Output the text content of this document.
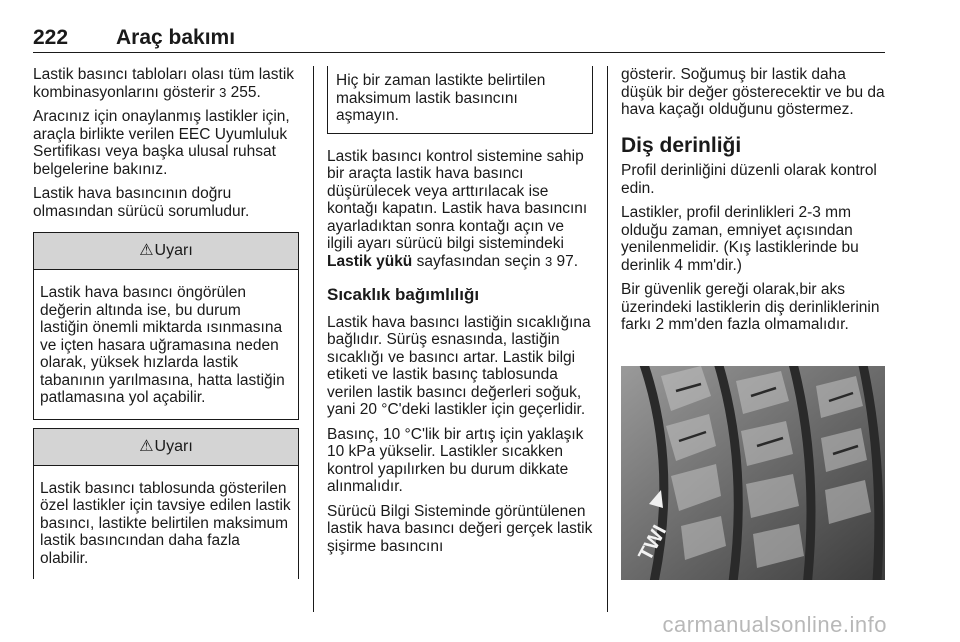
222 Araç bakımı

Lastik basıncı tabloları olası tüm lastik kombinasyonlarını gösterir 3 255.

Aracınız için onaylanmış lastikler için, araçla birlikte verilen EEC Uyumluluk Sertifikası veya başka ulusal ruhsat belgelerine bakınız.

Lastik hava basıncının doğru olmasından sürücü sorumludur.

⚠Uyarı
Lastik hava basıncı öngörülen değerin altında ise, bu durum lastiğin önemli miktarda ısınmasına ve içten hasara uğramasına neden olarak, yüksek hızlarda lastik tabanının yarılmasına, hatta lastiğin patlamasına yol açabilir.
⚠Uyarı
Lastik basıncı tablosunda gösterilen özel lastikler için tavsiye edilen lastik basıncı, lastikte belirtilen maksimum lastik basıncından daha fazla olabilir.
Hiç bir zaman lastikte belirtilen maksimum lastik basıncını aşmayın.

Lastik basıncı kontrol sistemine sahip bir araçta lastik hava basıncı düşürülecek veya arttırılacak ise kontağı kapatın. Lastik hava basıncını ayarladıktan sonra kontağı açın ve ilgili ayarı sürücü bilgi sistemindeki Lastik yükü sayfasından seçin 3 97.

Sıcaklık bağımlılığı

Lastik hava basıncı lastiğin sıcaklığına bağlıdır. Sürüş esnasında, lastiğin sıcaklığı ve basıncı artar. Lastik bilgi etiketi ve lastik basınç tablosunda verilen lastik basıncı değerleri soğuk, yani 20 °C'deki lastikler için geçerlidir.

Basınç, 10 °C'lik bir artış için yaklaşık 10 kPa yükselir. Lastikler sıcakken kontrol yapılırken bu durum dikkate alınmalıdır.

Sürücü Bilgi Sisteminde görüntülenen lastik hava basıncı değeri gerçek lastik şişirme basıncını

gösterir. Soğumuş bir lastik daha düşük bir değer gösterecektir ve bu da hava kaçağı olduğunu göstermez.

Diş derinliği

Profil derinliğini düzenli olarak kontrol edin.

Lastikler, profil derinlikleri 2-3 mm olduğu zaman, emniyet açısından yenilenmelidir. (Kış lastiklerinde bu derinlik 4 mm'dir.)

Bir güvenlik gereği olarak,bir aks üzerindeki lastiklerin diş derinliklerinin farkı 2 mm'den fazla olmamalıdır.

TWI
carmanualsonline.info
